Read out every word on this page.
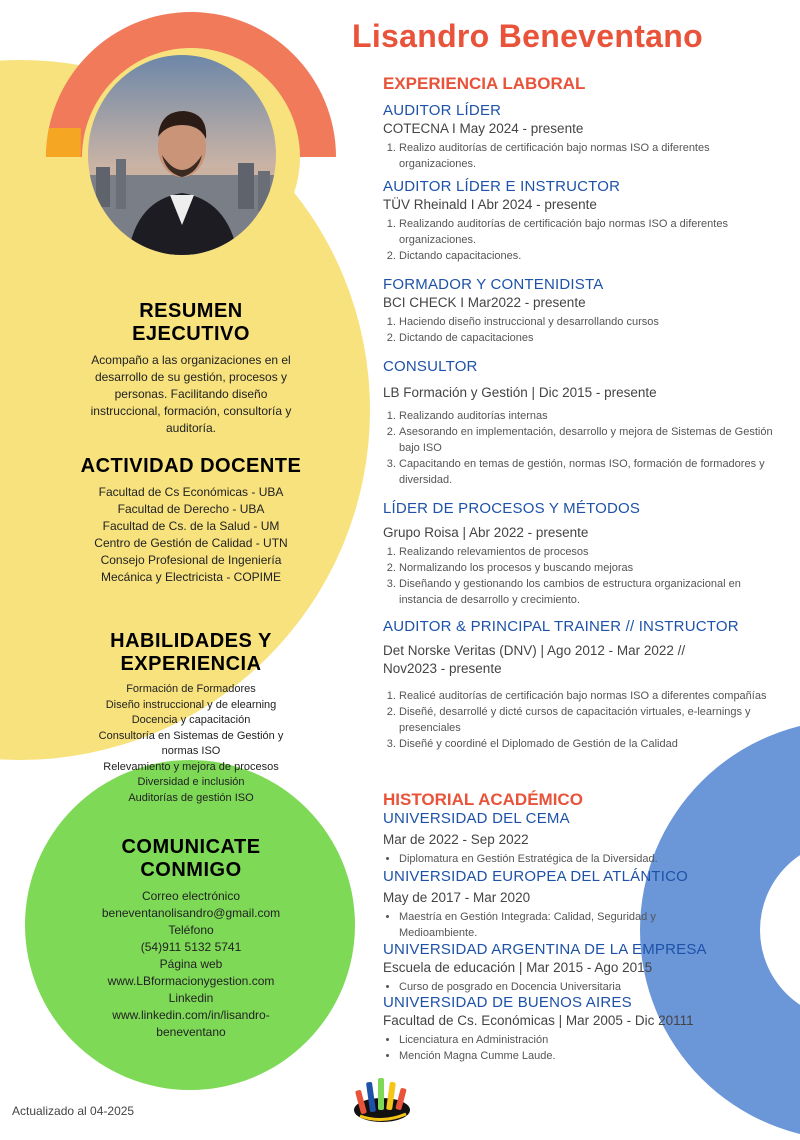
RESUMEN EJECUTIVO
Acompaño a las organizaciones en el desarrollo de su gestión, procesos y personas. Facilitando diseño instruccional, formación, consultoría y auditoría.
ACTIVIDAD DOCENTE
Facultad de Cs Económicas - UBA
Facultad de Derecho - UBA
Facultad de Cs. de la Salud - UM
Centro de Gestión de Calidad - UTN
Consejo Profesional de Ingeniería Mecánica y Electricista - COPIME
HABILIDADES Y EXPERIENCIA
Formación de Formadores
Diseño instruccional y de elearning
Docencia y capacitación
Consultoría en Sistemas de Gestión y normas ISO
Relevamiento y mejora de procesos
Diversidad e inclusión
Auditorías de gestión ISO
COMUNICATE CONMIGO
Correo electrónico
beneventanolisandro@gmail.com
Teléfono
(54)911 5132 5741
Página web
www.LBformacionygestion.com
Linkedin
www.linkedin.com/in/lisandro-beneventano
Lisandro Beneventano
EXPERIENCIA LABORAL
AUDITOR LÍDER
COTECNA I May 2024 - presente
1. Realizo auditorías de certificación bajo normas ISO a diferentes organizaciones.
AUDITOR LÍDER E INSTRUCTOR
TÜV Rheinald I Abr 2024 - presente
1. Realizando auditorías de certificación bajo normas ISO a diferentes organizaciones.
2. Dictando capacitaciones.
FORMADOR Y CONTENIDISTA
BCI CHECK I Mar2022 - presente
1. Haciendo diseño instruccional y desarrollando cursos
2. Dictando de capacitaciones
CONSULTOR
LB Formación y Gestión | Dic 2015 - presente
1. Realizando auditorías internas
2. Asesorando en implementación, desarrollo y mejora de Sistemas de Gestión bajo ISO
3. Capacitando en temas de gestión, normas ISO, formación de formadores y diversidad.
LÍDER DE PROCESOS Y MÉTODOS
Grupo Roisa | Abr 2022 - presente
1. Realizando relevamientos de procesos
2. Normalizando los procesos y buscando mejoras
3. Diseñando y gestionando los cambios de estructura organizacional en instancia de desarrollo y crecimiento.
AUDITOR & PRINCIPAL TRAINER // INSTRUCTOR
Det Norske Veritas (DNV) | Ago 2012 - Mar 2022 // Nov2023 - presente
1. Realicé auditorías de certificación bajo normas ISO a diferentes compañías
2. Diseñé, desarrollé y dicté cursos de capacitación virtuales, e-learnings y presenciales
3. Diseñé y coordiné el Diplomado de Gestión de la Calidad
HISTORIAL ACADÉMICO
UNIVERSIDAD DEL CEMA
Mar de 2022 - Sep 2022
• Diplomatura en Gestión Estratégica de la Diversidad.
UNIVERSIDAD EUROPEA DEL ATLÁNTICO
May de 2017 - Mar 2020
• Maestría en Gestión Integrada: Calidad, Seguridad y Medioambiente.
UNIVERSIDAD ARGENTINA DE LA EMPRESA
Escuela de educación | Mar 2015 - Ago 2015
• Curso de posgrado en Docencia Universitaria
UNIVERSIDAD DE BUENOS AIRES
Facultad de Cs. Económicas | Mar 2005 - Dic 20111
• Licenciatura en Administración
• Mención Magna Cumme Laude.
Actualizado al 04-2025
